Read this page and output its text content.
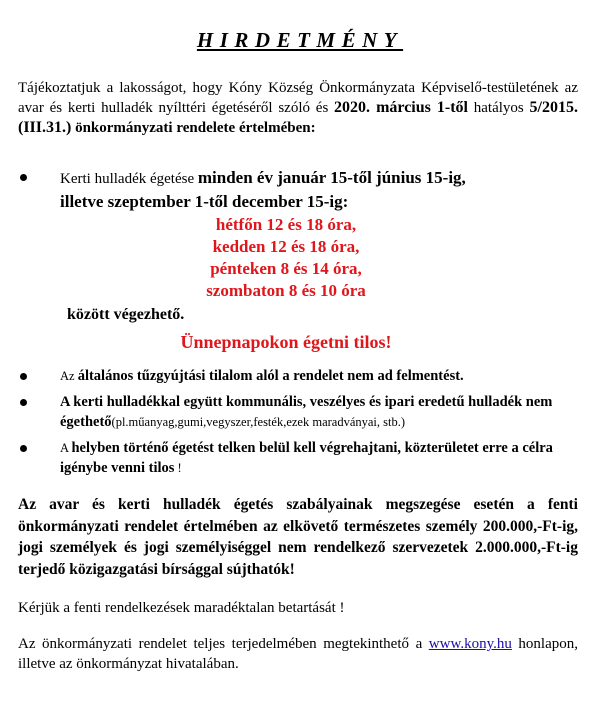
HIRDETMÉNY

Tájékoztatjuk a lakosságot, hogy Kóny Község Önkormányzata Képviselő-testületének az avar és kerti hulladék nyílttéri égetéséről szóló és 2020. március 1-től hatályos 5/2015.(III.31.) önkormányzati rendelete értelmében:

Kerti hulladék égetése minden év január 15-től június 15-ig,
illetve szeptember 1-től december 15-ig:
hétfőn 12 és 18 óra,
kedden 12 és 18 óra,
pénteken 8 és 14 óra,
szombaton 8 és 10 óra
között végezhető.
Ünnepnapokon égetni tilos!
Az általános tűzgyújtási tilalom alól a rendelet nem ad felmentést.
A kerti hulladékkal együtt kommunális, veszélyes és ipari eredetű hulladék nem égethető(pl.műanyag,gumi,vegyszer,festék,ezek maradványai, stb.)
A helyben történő égetést telken belül kell végrehajtani, közterületet erre a célra igénybe venni tilos !

Az avar és kerti hulladék égetés szabályainak megszegése esetén a fenti önkormányzati rendelet értelmében az elkövető természetes személy 200.000,-Ft-ig, jogi személyek és jogi személyiséggel nem rendelkező szervezetek 2.000.000,-Ft-ig terjedő közigazgatási bírsággal sújthatók!

Kérjük a fenti rendelkezések maradéktalan betartását !

Az önkormányzati rendelet teljes terjedelmében megtekinthető a www.kony.hu honlapon, illetve az önkormányzat hivatalában.
